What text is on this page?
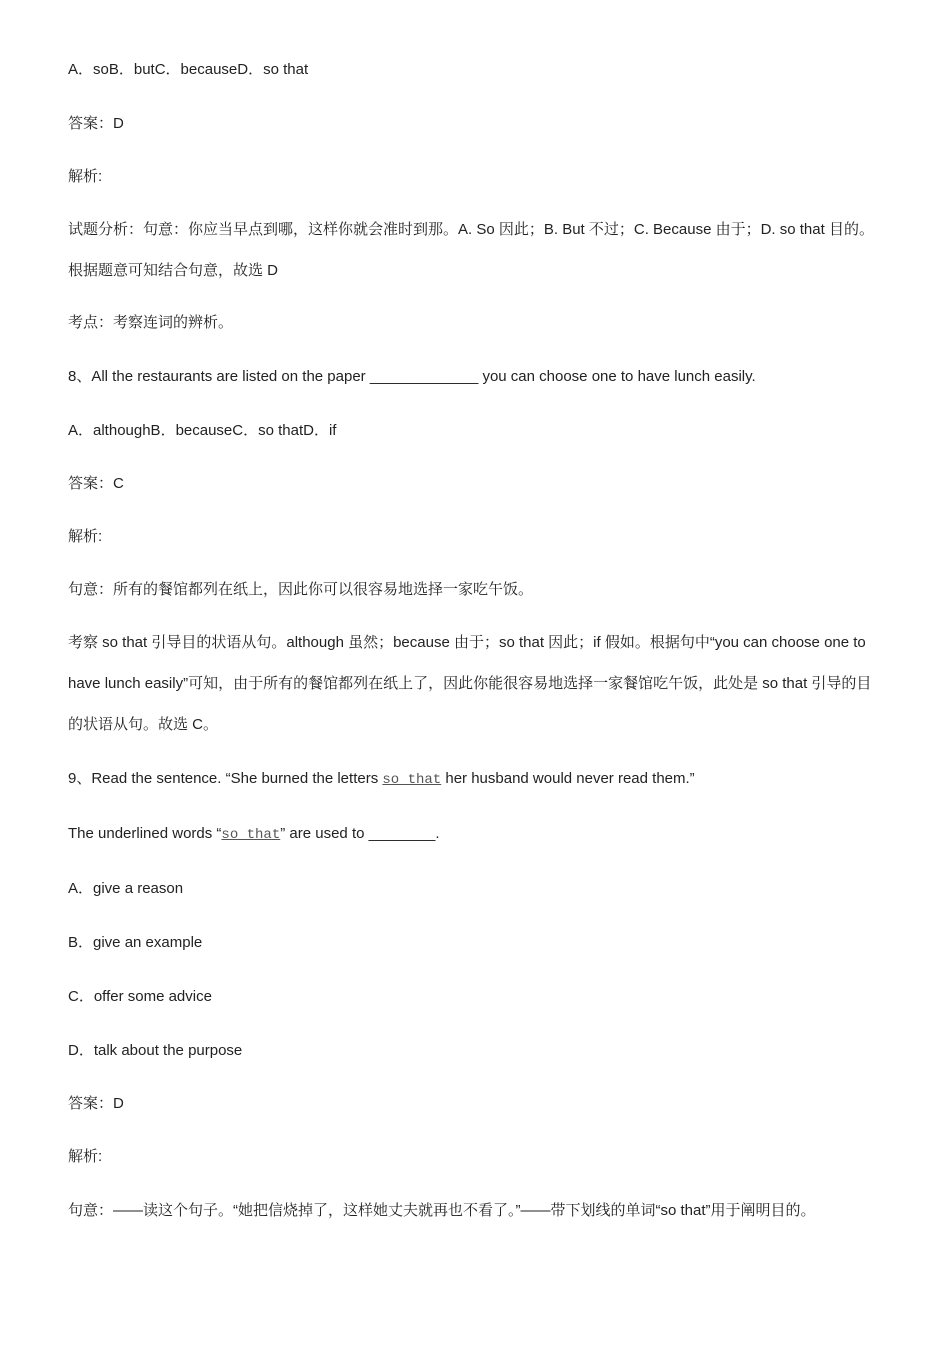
A．soB．butC．becauseD．so that
答案：D
解析:
试题分析：句意：你应当早点到哪，这样你就会准时到那。A. So 因此；B. But 不过；C. Because 由于；D. so that 目的。根据题意可知结合句意，故选 D
考点：考察连词的辨析。
8、All the restaurants are listed on the paper _____________ you can choose one to have lunch easily.
A．althoughB．becauseC．so thatD．if
答案：C
解析:
句意：所有的餐馆都列在纸上，因此你可以很容易地选择一家吃午饭。
考察 so that 引导目的状语从句。although 虽然；because 由于；so that 因此；if 假如。根据句中“you can choose one to have lunch easily”可知，由于所有的餐馆都列在纸上了，因此你能很容易地选择一家餐馆吃午饭，此处是 so that 引导的目的状语从句。故选 C。
9、Read the sentence. “She burned the letters so that her husband would never read them.”
The underlined words “so that” are used to ________.
A．give a reason
B．give an example
C．offer some advice
D．talk about the purpose
答案：D
解析:
句意：——读这个句子。“她把信烧掉了，这样她丈夫就再也不看了。”——带下划线的单词“so that”用于阐明目的。
